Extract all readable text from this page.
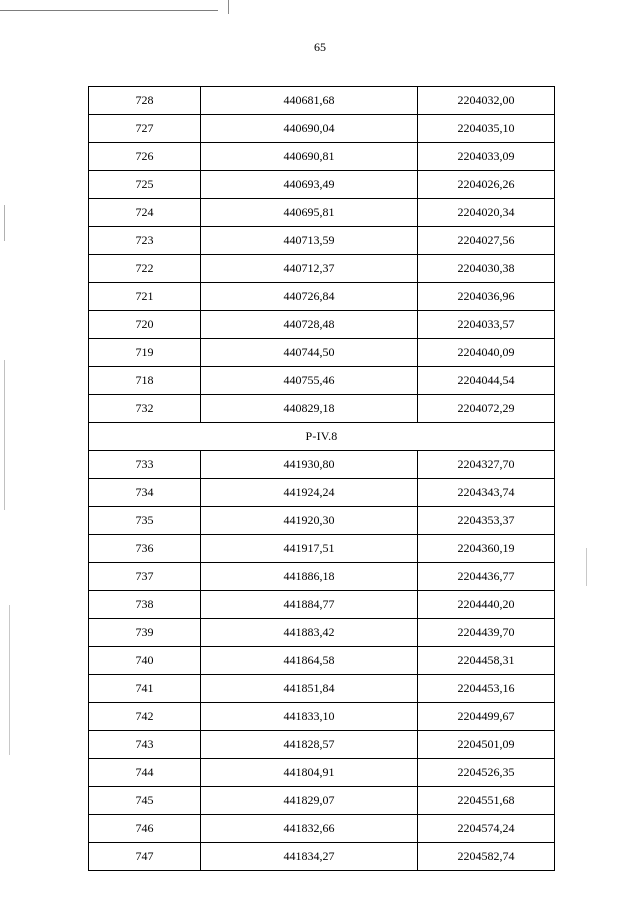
65
728	440681,68	2204032,00
727	440690,04	2204035,10
726	440690,81	2204033,09
725	440693,49	2204026,26
724	440695,81	2204020,34
723	440713,59	2204027,56
722	440712,37	2204030,38
721	440726,84	2204036,96
720	440728,48	2204033,57
719	440744,50	2204040,09
718	440755,46	2204044,54
732	440829,18	2204072,29
Р-IV.8		
733	441930,80	2204327,70
734	441924,24	2204343,74
735	441920,30	2204353,37
736	441917,51	2204360,19
737	441886,18	2204436,77
738	441884,77	2204440,20
739	441883,42	2204439,70
740	441864,58	2204458,31
741	441851,84	2204453,16
742	441833,10	2204499,67
743	441828,57	2204501,09
744	441804,91	2204526,35
745	441829,07	2204551,68
746	441832,66	2204574,24
747	441834,27	2204582,74
